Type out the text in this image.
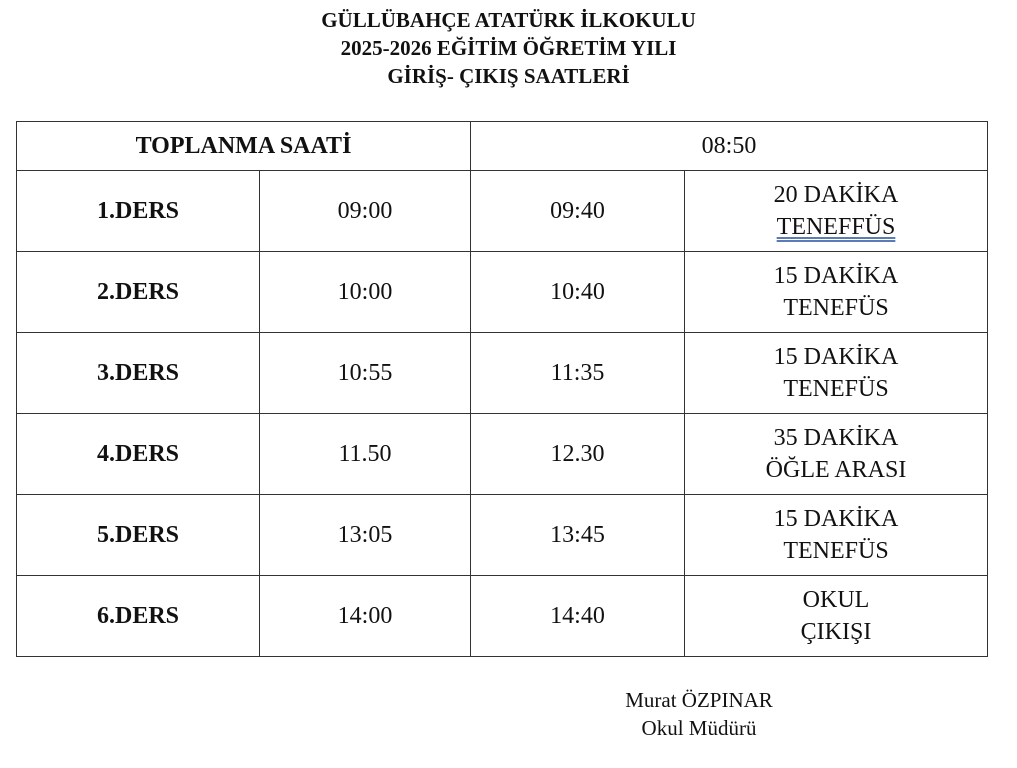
GÜLLÜBAHÇE ATATÜRK İLKOKULU
2025-2026 EĞİTİM ÖĞRETİM YILI
GİRİŞ- ÇIKIŞ SAATLERİ
TOPLANMA SAATİ		08:50	
1.DERS	09:00	09:40	20 DAKİKA
TENEFFÜS
2.DERS	10:00	10:40	15 DAKİKA
TENEFÜS
3.DERS	10:55	11:35	15 DAKİKA
TENEFÜS
4.DERS	11.50	12.30	35 DAKİKA
ÖĞLE ARASI
5.DERS	13:05	13:45	15 DAKİKA
TENEFÜS
6.DERS	14:00	14:40	OKUL
ÇIKIŞI
Murat ÖZPINAR
Okul Müdürü
